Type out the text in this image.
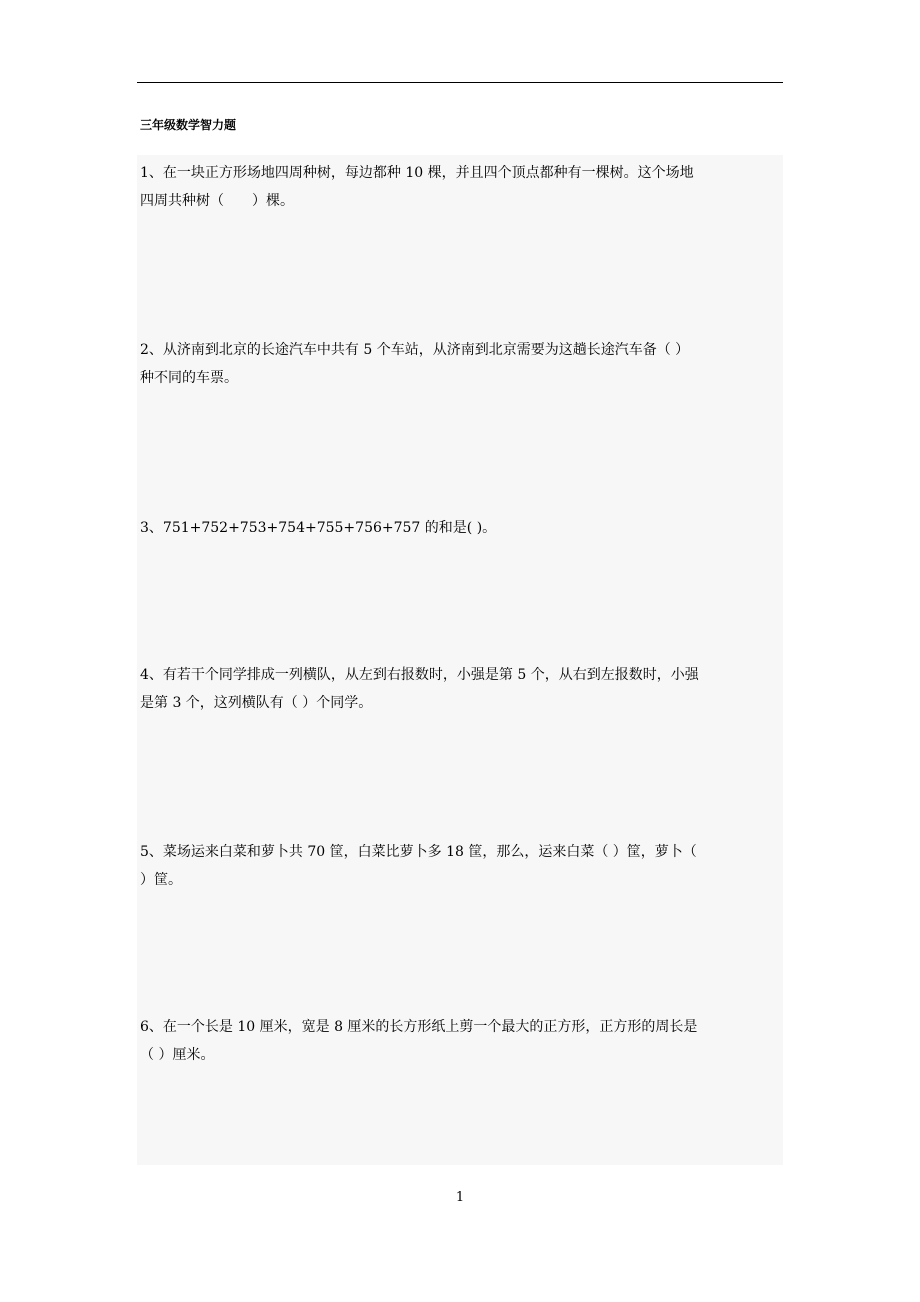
三年级数学智力题
1、在一块正方形场地四周种树，每边都种 10 棵，并且四个顶点都种有一棵树。这个场地
四周共种树（　　）棵。
2、从济南到北京的长途汽车中共有 5 个车站，从济南到北京需要为这趟长途汽车备（ ）
种不同的车票。
3、751+752+753+754+755+756+757 的和是( )。
4、有若干个同学排成一列横队，从左到右报数时，小强是第 5 个，从右到左报数时，小强
是第 3 个，这列横队有（ ）个同学。
5、菜场运来白菜和萝卜共 70 筐，白菜比萝卜多 18 筐，那么，运来白菜（ ）筐，萝卜（
）筐。
6、在一个长是 10 厘米，宽是 8 厘米的长方形纸上剪一个最大的正方形，正方形的周长是
（ ）厘米。
1
